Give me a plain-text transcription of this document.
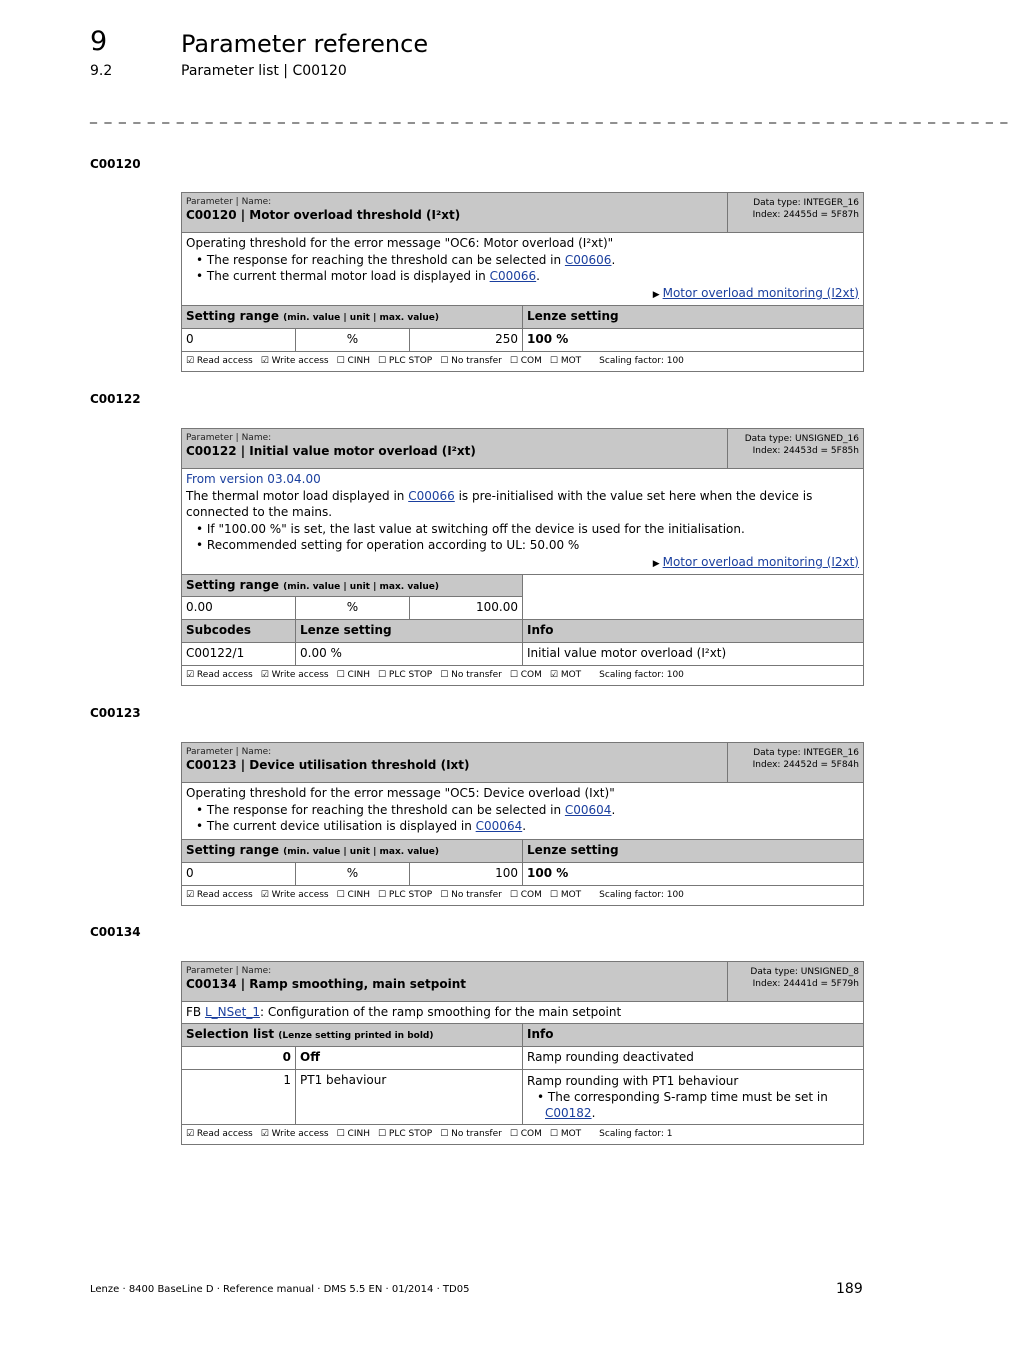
9	Parameter reference
9.2	Parameter list | C00120
_ _ _ _ _ _ _ _ _ _ _ _ _ _ _ _ _ _ _ _ _ _ _ _ _ _ _ _ _ _ _ _ _ _ _ _ _ _ _ _ _ _ _ _ _ _ _ _ _ _ _ _ _ _ _ _ _ _ _ _ _ _ _ _
C00120
Parameter | Name:
C00120 | Motor overload threshold (I²xt)
Data type: INTEGER_16
Index: 24455d = 5F87h
Operating threshold for the error message "OC6: Motor overload (I²xt)"
• The response for reaching the threshold can be selected in C00606.
• The current thermal motor load is displayed in C00066.
▶ Motor overload monitoring (I2xt)
Setting range (min. value | unit | max. value)	Lenze setting
0	%	250 100 %
☑ Read access ☑ Write access ☐ CINH ☐ PLC STOP ☐ No transfer ☐ COM ☐ MOT Scaling factor: 100
C00122
Parameter | Name:
C00122 | Initial value motor overload (I²xt)
Data type: UNSIGNED_16
Index: 24453d = 5F85h
From version 03.04.00
The thermal motor load displayed in C00066 is pre-initialised with the value set here when the device is connected to the mains.
• If "100.00 %" is set, the last value at switching off the device is used for the initialisation.
• Recommended setting for operation according to UL: 50.00 %
▶ Motor overload monitoring (I2xt)
Setting range (min. value | unit | max. value)
0.00	%	100.00
Subcodes	Lenze setting	Info
C00122/1	0.00 %	Initial value motor overload (I²xt)
☑ Read access ☑ Write access ☐ CINH ☐ PLC STOP ☐ No transfer ☐ COM ☑ MOT Scaling factor: 100
C00123
Parameter | Name:
C00123 | Device utilisation threshold (Ixt)
Data type: INTEGER_16
Index: 24452d = 5F84h
Operating threshold for the error message "OC5: Device overload (Ixt)"
• The response for reaching the threshold can be selected in C00604.
• The current device utilisation is displayed in C00064.
Setting range (min. value | unit | max. value)	Lenze setting
0	%	100 100 %
☑ Read access ☑ Write access ☐ CINH ☐ PLC STOP ☐ No transfer ☐ COM ☐ MOT Scaling factor: 100
C00134
Parameter | Name:
C00134 | Ramp smoothing, main setpoint
Data type: UNSIGNED_8
Index: 24441d = 5F79h
FB L_NSet_1: Configuration of the ramp smoothing for the main setpoint
Selection list (Lenze setting printed in bold)	Info
0 Off	Ramp rounding deactivated
1 PT1 behaviour	Ramp rounding with PT1 behaviour
• The corresponding S-ramp time must be set in
C00182.
☑ Read access ☑ Write access ☐ CINH ☐ PLC STOP ☐ No transfer ☐ COM ☐ MOT Scaling factor: 1
Lenze · 8400 BaseLine D · Reference manual · DMS 5.5 EN · 01/2014 · TD05	189
